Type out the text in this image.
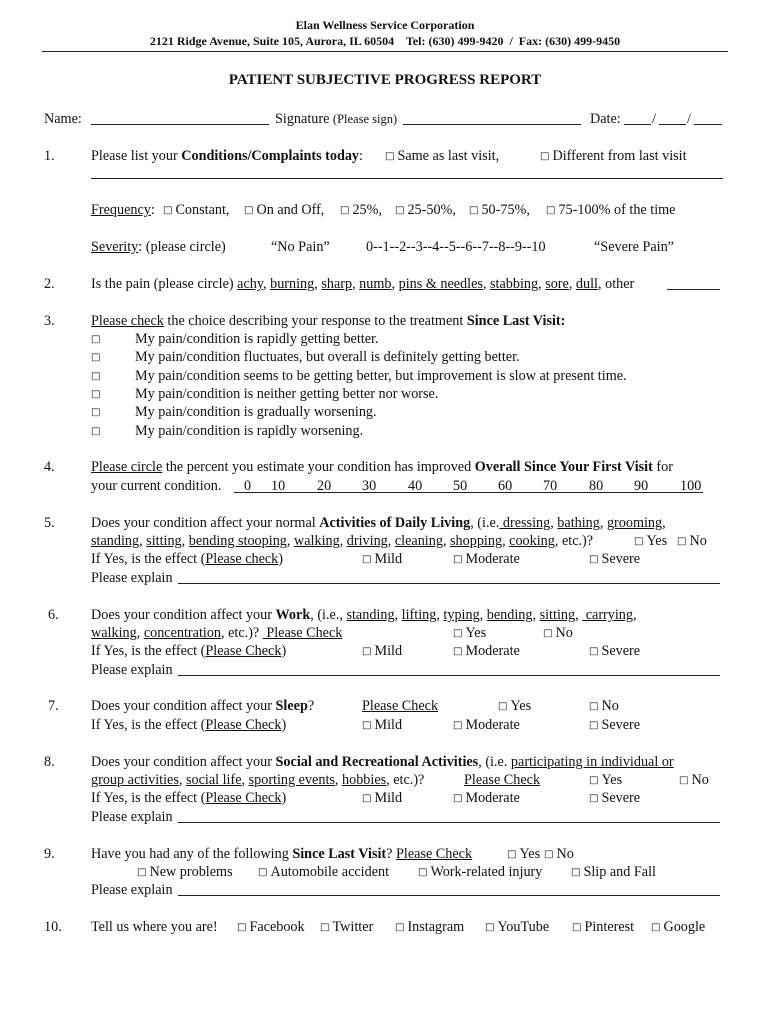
Elan Wellness Service Corporation
2121 Ridge Avenue, Suite 105, Aurora, IL 60504    Tel: (630) 499-9420  /  Fax: (630) 499-9450
PATIENT SUBJECTIVE PROGRESS REPORT
Name:	Signature (Please sign)	Date: / /
1.	Please list your Conditions/Complaints today: □ Same as last visit,	□ Different from last visit
Frequency: □ Constant, □ On and Off, □ 25%, □ 25-50%, □ 50-75%, □ 75-100% of the time
Severity: (please circle)	“No Pain”	0--1--2--3--4--5--6--7--8--9--10	“Severe Pain”
2.	Is the pain (please circle) achy, burning, sharp, numb, pins & needles, stabbing, sore, dull, other
3.	Please check the choice describing your response to the treatment Since Last Visit:
□ My pain/condition is rapidly getting better.
□ My pain/condition fluctuates, but overall is definitely getting better.
□ My pain/condition seems to be getting better, but improvement is slow at present time.
□ My pain/condition is neither getting better nor worse.
□ My pain/condition is gradually worsening.
□ My pain/condition is rapidly worsening.
4.	Please circle the percent you estimate your condition has improved Overall Since Your First Visit for
your current condition. 0 10 20 30 40 50 60 70 80 90 100
5.	Does your condition affect your normal Activities of Daily Living, (i.e. dressing, bathing, grooming,
standing, sitting, bending stooping, walking, driving, cleaning, shopping, cooking, etc.)?	□ Yes □ No
If Yes, is the effect (Please check)	□ Mild	□ Moderate	□ Severe
Please explain
6. Does your condition affect your Work, (i.e., standing, lifting, typing, bending, sitting,  carrying,
walking, concentration, etc.)?  Please Check	□ Yes	□ No
If Yes, is the effect (Please Check)	□ Mild	□ Moderate	□ Severe
Please explain
7. Does your condition affect your Sleep?	Please Check	□ Yes	□ No
If Yes, is the effect (Please Check)	□ Mild	□ Moderate	□ Severe
8.	Does your condition affect your Social and Recreational Activities, (i.e. participating in individual or
group activities, social life, sporting events, hobbies, etc.)?	Please Check	□ Yes	□ No
If Yes, is the effect (Please Check)	□ Mild	□ Moderate	□ Severe
Please explain
9.	Have you had any of the following Since Last Visit? Please Check	□ Yes □ No
□ New problems	□ Automobile accident	□ Work-related injury	□ Slip and Fall
Please explain
10. Tell us where you are! □ Facebook □ Twitter □ Instagram □ YouTube □ Pinterest □ Google
